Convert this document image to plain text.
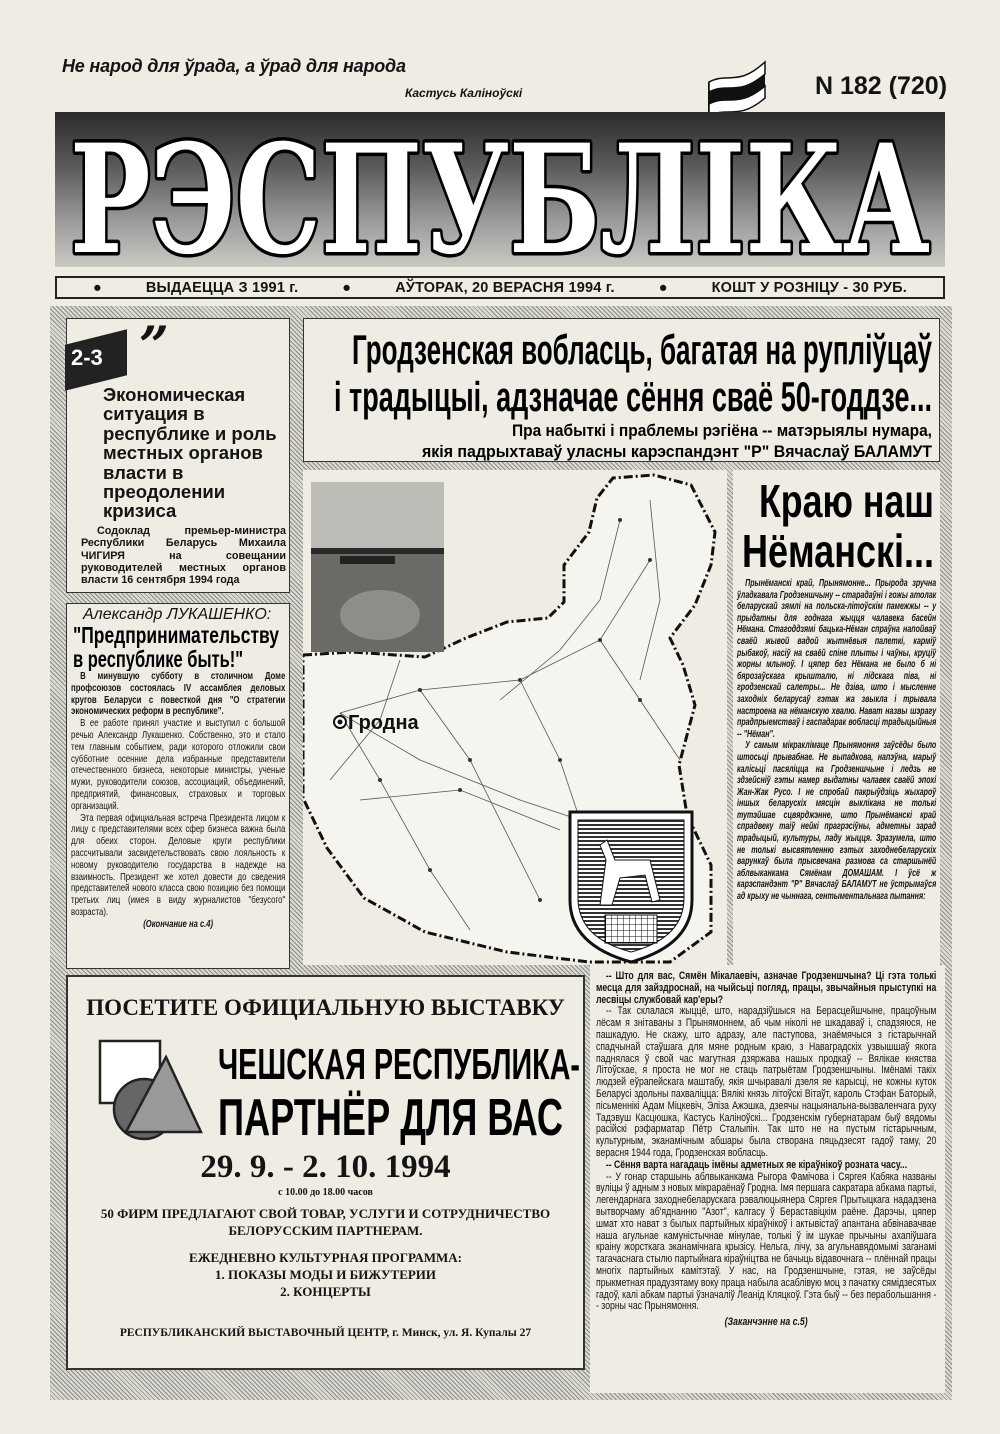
Не народ для ўрада, а ўрад для народа
Кастусь Каліноўскі	N 182 (720)
РЭСПУБЛІКА
●	ВЫДАЕЦЦА З 1991 г.	●	АЎТОРАК, 20 ВЕРАСНЯ 1994 г.	●	КОШТ У РОЗНІЦУ - 30 РУБ.
2-3 ”
Экономическая ситуация в республике и роль местных органов власти в преодолении кризиса
Содоклад премьер-министра Республики Беларусь Михаила ЧИГИРЯ на совещании руководителей местных органов власти 16 сентября 1994 года
Александр ЛУКАШЕНКО:
"Предпринимательству
в республике быть!"

В минувшую субботу в столичном Доме профсоюзов состоялась IV ассамблея деловых кругов Беларуси с повесткой дня "О стратегии экономических реформ в республике".

В ее работе принял участие и выступил с большой речью Александр Лукашенко. Собственно, это и стало тем главным событием, ради которого отложили свои субботние осенние дела избранные представители отечественного бизнеса, некоторые министры, ученые мужи, руководители союзов, ассоциаций, объединений, предприятий, финансовых, страховых и торговых организаций.

Эта первая официальная встреча Президента лицом к лицу с представителями всех сфер бизнеса важна была для обеих сторон. Деловые круги республики рассчитывали засвидетельствовать свою лояльность к новому руководителю государства в надежде на взаимность. Президент же хотел довести до сведения представителей нового класса свою позицию без помощи третьих лиц (имея в виду журналистов "безусого" возраста).

(Окончание на с.4)
Гродзенская вобласць, багатая на рупліўцаў
і традыцыі, адзначае сёння сваё 50-годдзе...
Пра набыткі і праблемы рэгіёна -- матэрыялы нумара,
якія падрыхтаваў уласны карэспандэнт "Р" Вячаслаў БАЛАМУТ
Гродна
Краю наш
Нёманскі...

Прынёманскі край, Прынямонне... Прырода зручна ўладкавала Гродзеншчыну -- старадаўні і гожы атолак беларускай зямлі на польска-літоўскім памежжы -- у прыдатны для годнага жыцця чалавека басейн Нёмана. Стагоддзямі бацька-Нёман спраўна напойваў сваёй жывой вадой жытнёвыя палеткі, карміў рыбакоў, насіў на сваёй спіне плыты і чаўны, круціў жорны млыноў. І цяпер без Нёмана не было б ні бярозаўскага крышталю, ні лідскага піва, ні гродзенскай салетры... Не дзіва, што і мысленне заходніх беларусаў гэтак жа звыкла і трывала настроена на нёманскую хвалю. Нават назвы шэрагу прадпрыемстваў і гаспадарак вобласці традыцыйныя -- "Нёман".

У самым мікраклімаце Прынямоння заўсёды было штосьці прывабнае. Не выпадкова, напэўна, марыў калісьці пасяліцца на Гродзеншчыне і ледзь не здзейсніў гэты намер выдатны чалавек сваёй эпохі Жан-Жак Русо. І не спробай пакрыўдзіць жыхароў іншых беларускіх мясцін выклікана не толькі тутэйшае сцвярджэнне, што Прынёманскі край спрадвеку таіў нейкі прагрэсіўны, адметны зарад традыцый, культуры, ладу жыцця. Зразумела, што не толькі высвятленню гэтых заходнебеларускіх варункаў была прысвечана размова са старшынёй аблвыканкама Сямёнам ДОМАШАМ. І ўсё ж карэспандэнт "Р" Вячаслаў БАЛАМУТ не ўстрымаўся ад крыху не чыннага, сентыментальнага пытання:

-- Што для вас, Сямён Мікалаевіч, азначае Гродзеншчына? Ці гэта толькі месца для зайздроснай, на чыйсьці погляд, працы, звычайныя прыступкі на лесвіцы службовай кар'еры?

-- Так склалася жыццё, што, нарадзіўшыся на Берасцейшчыне, працоўным лёсам я знітаваны з Прынямоннем, аб чым ніколі не шкадаваў і, спадзяюся, не пашкадую. Не скажу, што адразу, але паступова, знаёмячыся з гістарычнай спадчынай стаўшага для мяне родным краю, з Наваградскіх узвышшаў якога паднялася ў свой час магутная дзяржава нашых продкаў -- Вялікае княства Літоўскае, я проста не мог не стаць патрыётам Гродзеншчыны. Імёнамі такіх людзей еўрапейскага маштабу, якія шчыравалі дзеля яе карысці, не кожны куток Беларусі здольны пахваліцца: Вялікі князь літоўскі Вітаўт, кароль Стэфан Баторый, пісьменнікі Адам Міцкевіч, Эліза Ажэшка, дзеячы нацыянальна-вызваленчага руху Тадэвуш Касцюшка, Кастусь Каліноўскі... Гродзенскім губернатарам быў вядомы расійскі рэфарматар Пётр Сталыпін. Так што не на пустым гістарычным, культурным, эканамічным абшары была створана пяцьдзесят гадоў таму, 20 верасня 1944 года, Гродзенская вобласць.

-- Сёння варта нагадаць імёны адметных яе кіраўнікоў розната часу...

-- У гонар старшынь аблвыканкама Рыгора Фамічова і Сяргея Кабяка названы вуліцы ў адным з новых мікрараёнаў Гродна. Імя першага сакратара абкама партыі, легендарнага заходнебеларускага рэвалюцыянера Сяргея Прытыцкага нададзена вытворчаму аб'яднанню "Азот", калгасу ў Бераставіцкім раёне. Дарэчы, цяпер шмат хто нават з былых партыйных кіраўнікоў і актывістаў апантана абвінавачвае наша агульнае камуністычнае мінулае, толькі ў ім шукае прычыны ахапіўшага краіну жорсткага эканамічнага крызісу. Нельга, лічу, за агульнавядомымі заганамі тагачаснага стылю партыйнага кіраўніцтва не бачыць відавочнага -- плённай працы многіх партыйных камітэтаў. У нас, на Гродзеншчыне, гэтая, не заўсёды прыкметная прадузятаму воку праца набыла асаблівую моц з пачатку сямідзесятых гадоў, калі абкам партыі ўзначаліў Леанід Кляцкоў. Гэта быў -- без перабольшання -- зорны час Прынямоння.

(Заканчэнне на с.5)
ПОСЕТИТЕ ОФИЦИАЛЬНУЮ ВЫСТАВКУ
ЧЕШСКАЯ РЕСПУБЛИКА-
ПАРТНЁР ДЛЯ ВАС
29. 9. - 2. 10. 1994
с 10.00 до 18.00 часов
50 ФИРМ ПРЕДЛАГАЮТ СВОЙ ТОВАР, УСЛУГИ И СОТРУДНИЧЕСТВО
БЕЛОРУССКИМ ПАРТНЕРАМ.
ЕЖЕДНЕВНО КУЛЬТУРНАЯ ПРОГРАММА:
1. ПОКАЗЫ МОДЫ И БИЖУТЕРИИ
2. КОНЦЕРТЫ
РЕСПУБЛИКАНСКИЙ ВЫСТАВОЧНЫЙ ЦЕНТР, г. Минск, ул. Я. Купалы 27
